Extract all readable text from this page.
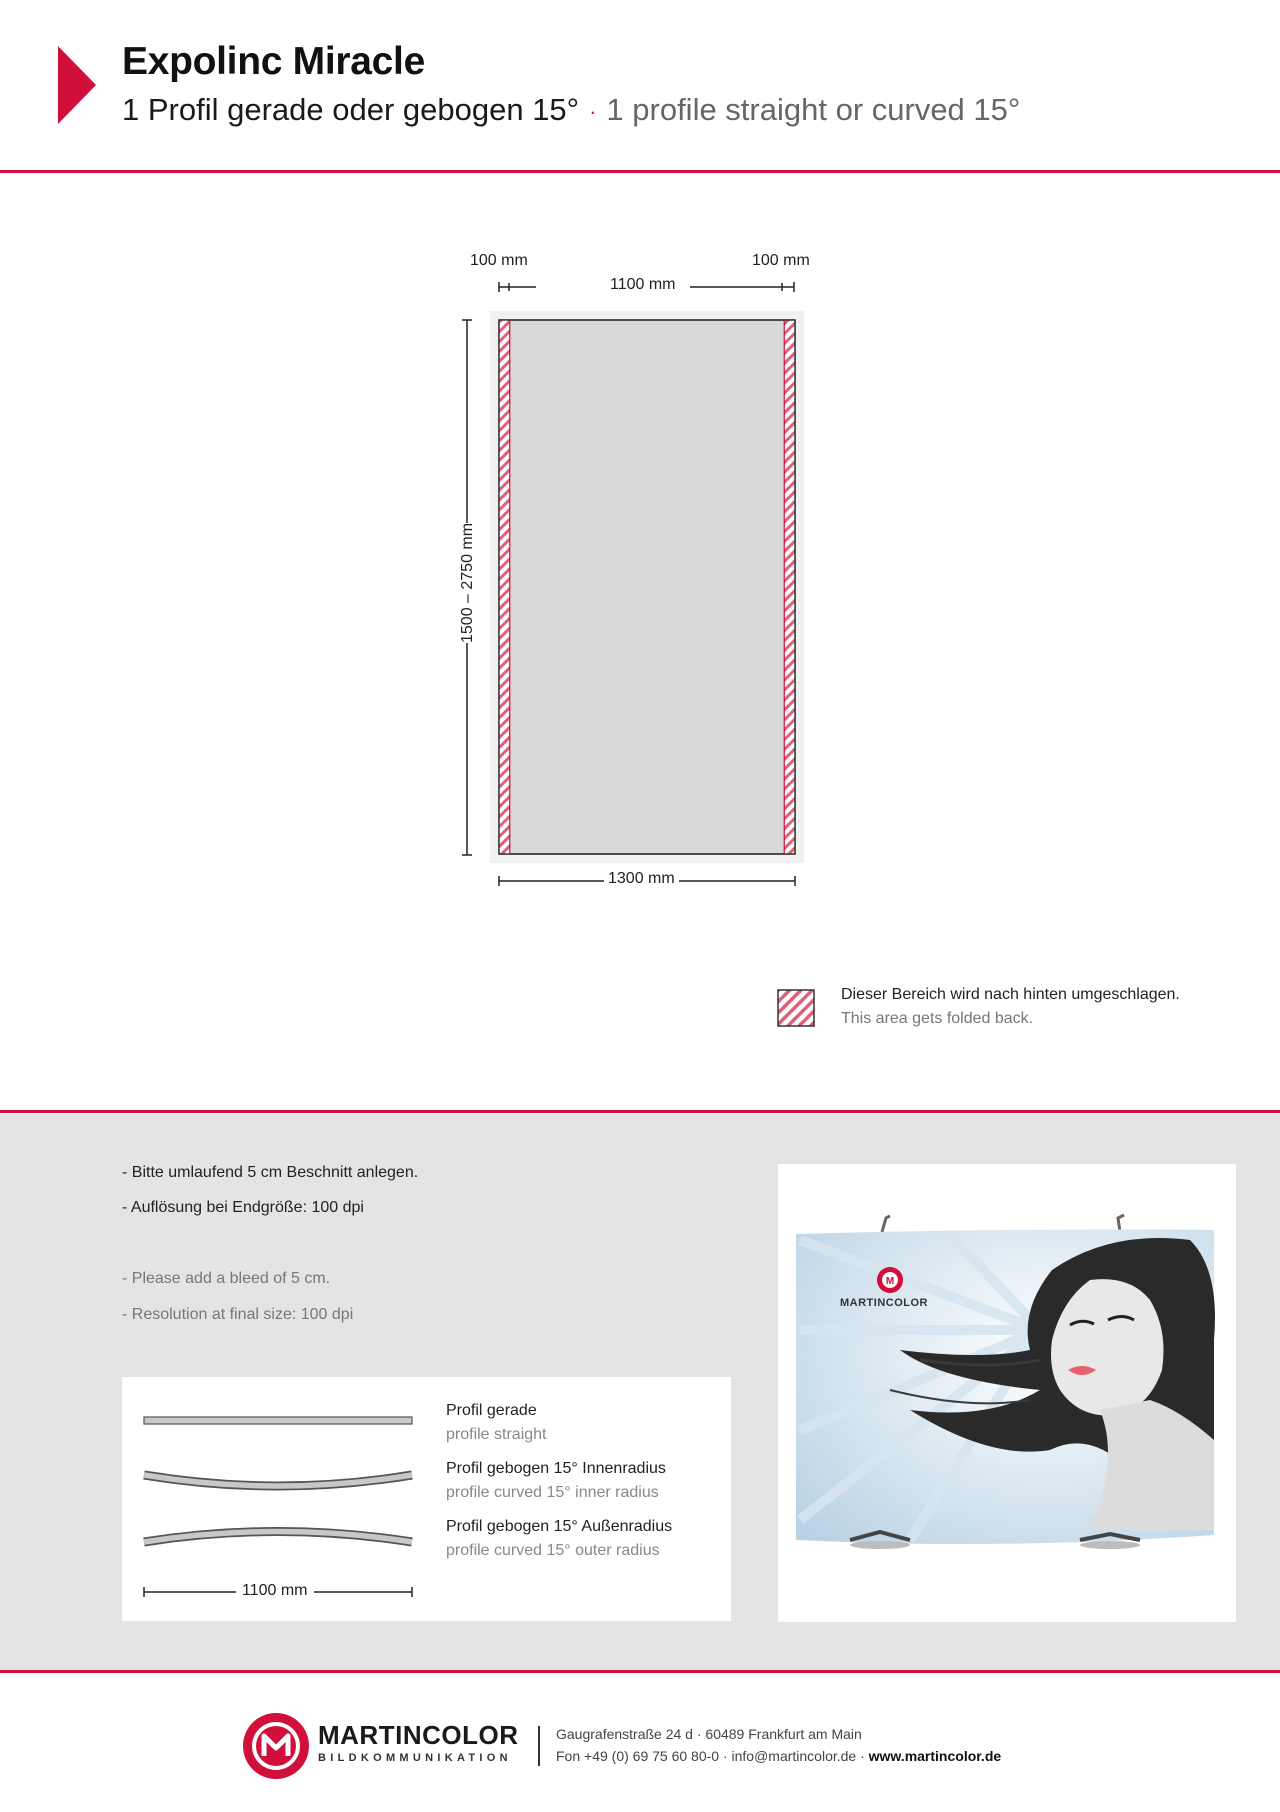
Expolinc Miracle
1 Profil gerade oder gebogen 15° · 1 profile straight or curved 15°
100 mm	100 mm
1100 mm
1300 mm
1500 – 2750 mm
Dieser Bereich wird nach hinten umgeschlagen.
This area gets folded back.
- Bitte umlaufend 5 cm Beschnitt anlegen.
- Auflösung bei Endgröße: 100 dpi
- Please add a bleed of 5 cm.
- Resolution at final size: 100 dpi
1100 mm
Profil gerade
profile straight
Profil gebogen 15° Innenradius
profile curved 15° inner radius
Profil gebogen 15° Außenradius
profile curved 15° outer radius
M
MARTINCOLOR
MARTINCOLOR
BILDKOMMUNIKATION
Gaugrafenstraße 24 d · 60489 Frankfurt am Main
Fon +49 (0) 69 75 60 80-0 · info@martincolor.de · www.martincolor.de
